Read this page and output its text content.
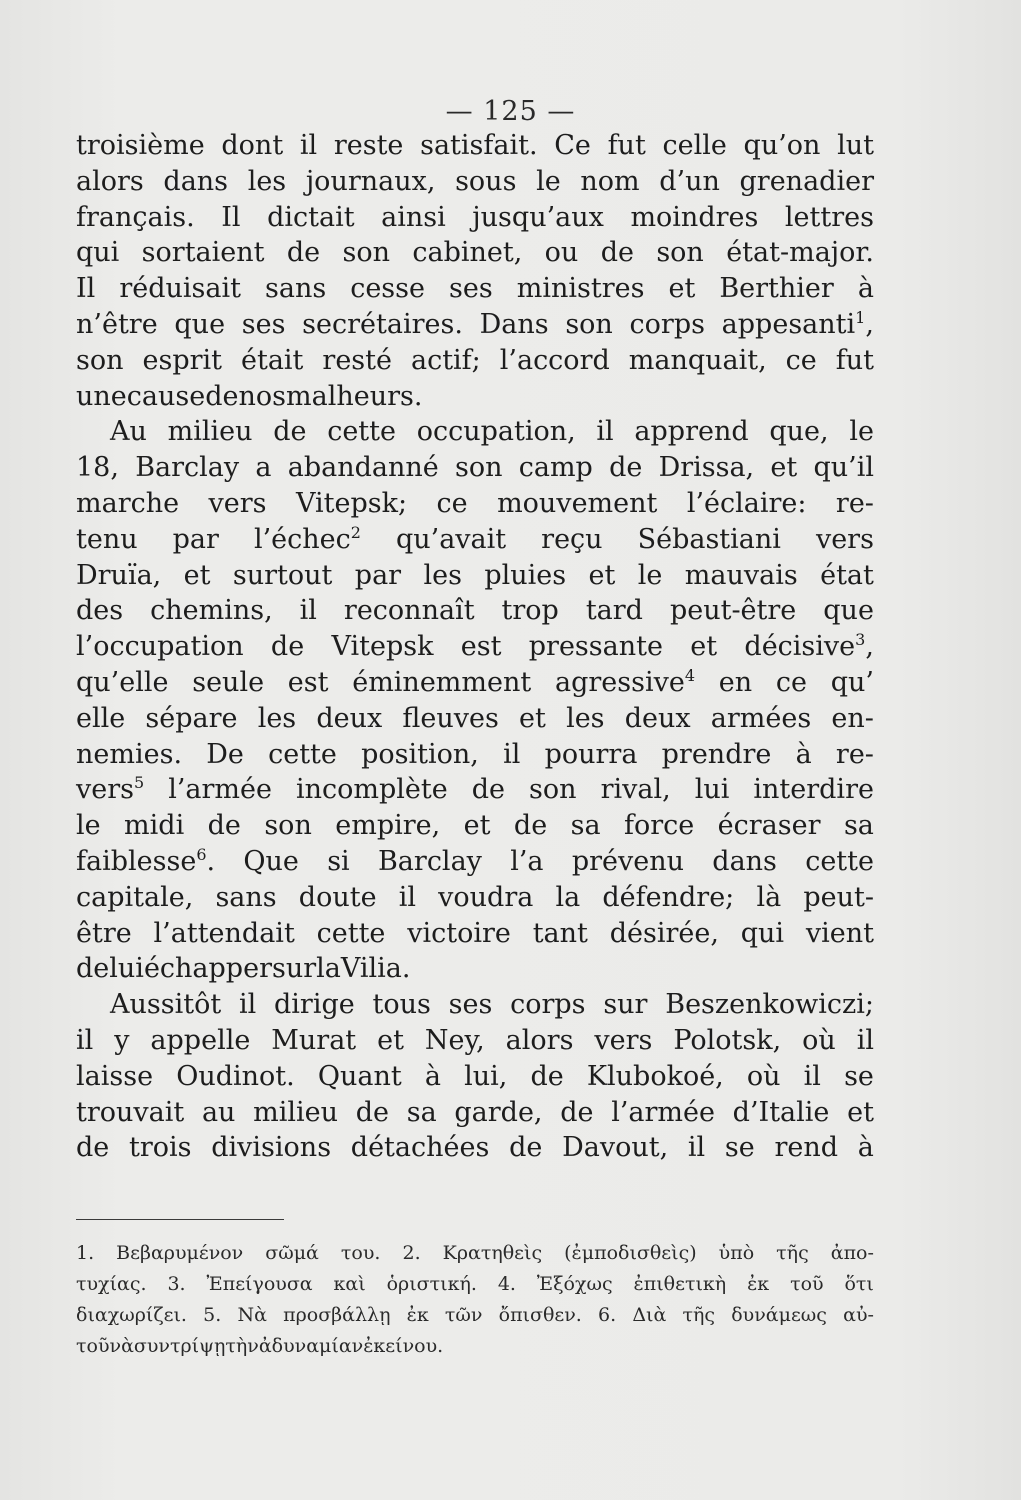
— 125 —
troisième dont il reste satisfait. Ce fut celle qu’on lut
alors dans les journaux, sous le nom d’un grenadier
français. Il dictait ainsi jusqu’aux moindres lettres
qui sortaient de son cabinet, ou de son état-major.
Il réduisait sans cesse ses ministres et Berthier à
n’être que ses secrétaires. Dans son corps appesanti$^1$,
son esprit était resté actif; l’accord manquait, ce fut
une cause de nos malheurs.
Au milieu de cette occupation, il apprend que, le
18, Barclay a abandanné son camp de Drissa, et qu’il
marche vers Vitepsk; ce mouvement l’éclaire: re-
tenu par l’échec$^2$ qu’avait reçu Sébastiani vers
Druïa, et surtout par les pluies et le mauvais état
des chemins, il reconnaît trop tard peut-être que
l’occupation de Vitepsk est pressante et décisive$^3$,
qu’elle seule est éminemment agressive$^4$ en ce qu’
elle sépare les deux fleuves et les deux armées en-
nemies. De cette position, il pourra prendre à re-
vers$^5$ l’armée incomplète de son rival, lui interdire
le midi de son empire, et de sa force écraser sa
faiblesse$^6$. Que si Barclay l’a prévenu dans cette
capitale, sans doute il voudra la défendre; là peut-
être l’attendait cette victoire tant désirée, qui vient
de lui échapper sur la Vilia.
Aussitôt il dirige tous ses corps sur Beszenkowiczi;
il y appelle Murat et Ney, alors vers Polotsk, où il
laisse Oudinot. Quant à lui, de Klubokoé, où il se
trouvait au milieu de sa garde, de l’armée d’Italie et
de trois divisions détachées de Davout, il se rend à
1. Βεβαρυμένον σῶμά του. 2. Κρατηθεὶς (ἐμποδισθεὶς) ὑπὸ τῆς ἀπο-
τυχίας. 3. Ἐπείγουσα καὶ ὁριστική. 4. Ἐξόχως ἐπιθετικὴ ἐκ τοῦ ὅτι
διαχωρίζει. 5. Νὰ προσβάλλῃ ἐκ τῶν ὄπισθεν. 6. Διὰ τῆς δυνάμεως αὐ-
τοῦ νὰ συντρίψῃ τὴν ἀδυναμίαν ἐκείνου.
